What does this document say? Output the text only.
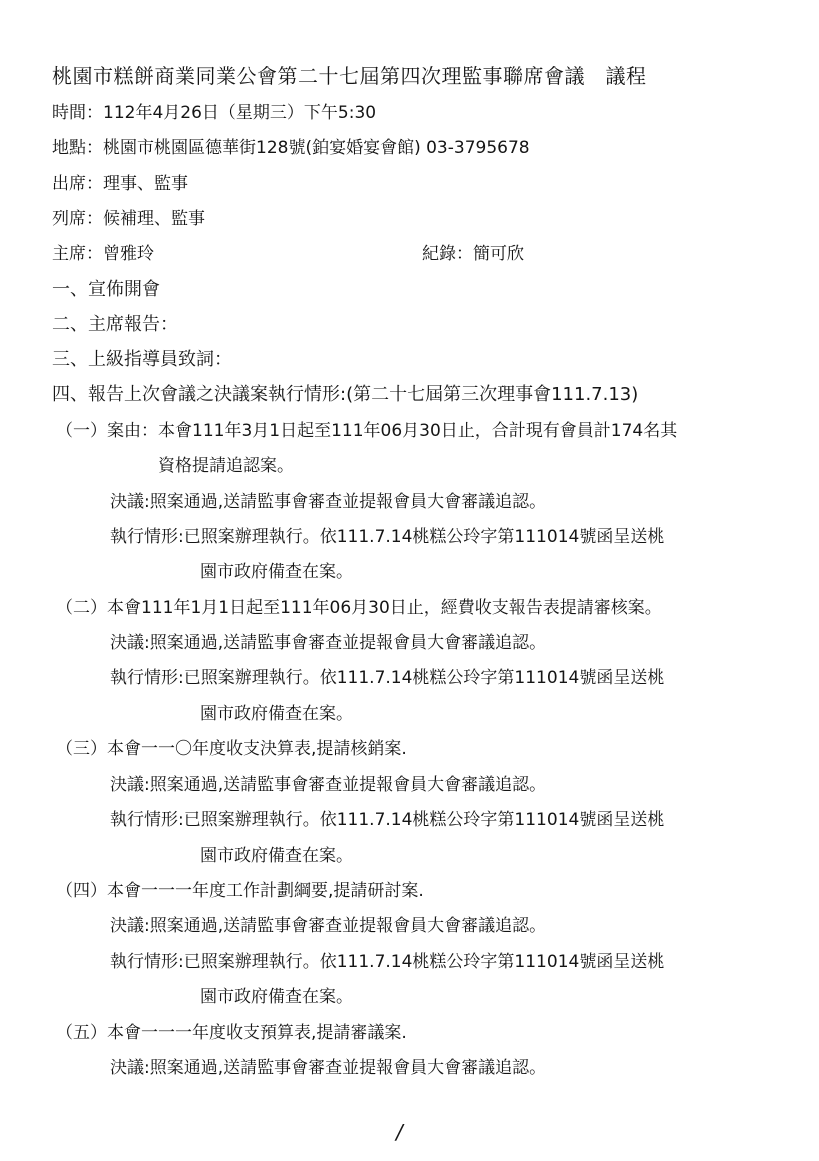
桃園市糕餅商業同業公會第二十七屆第四次理監事聯席會議　議程
時間：112年4月26日（星期三）下午5:30
地點：桃園市桃園區德華街128號(鉑宴婚宴會館) 03-3795678
出席：理事、監事
列席：候補理、監事
主席：曾雅玲	紀錄：簡可欣
一、宣佈開會
二、主席報告：
三、上級指導員致詞：
四、報告上次會議之決議案執行情形:(第二十七屆第三次理事會111.7.13)
（一）案由：本會111年3月1日起至111年06月30日止，合計現有會員計174名其
資格提請追認案。
決議:照案通過,送請監事會審查並提報會員大會審議追認。
執行情形:已照案辦理執行。依111.7.14桃糕公玲字第111014號函呈送桃
園市政府備查在案。
（二）本會111年1月1日起至111年06月30日止，經費收支報告表提請審核案。
決議:照案通過,送請監事會審查並提報會員大會審議追認。
執行情形:已照案辦理執行。依111.7.14桃糕公玲字第111014號函呈送桃
園市政府備查在案。
（三）本會一一〇年度收支決算表,提請核銷案.
決議:照案通過,送請監事會審查並提報會員大會審議追認。
執行情形:已照案辦理執行。依111.7.14桃糕公玲字第111014號函呈送桃
園市政府備查在案。
（四）本會一一一年度工作計劃綱要,提請研討案.
決議:照案通過,送請監事會審查並提報會員大會審議追認。
執行情形:已照案辦理執行。依111.7.14桃糕公玲字第111014號函呈送桃
園市政府備查在案。
（五）本會一一一年度收支預算表,提請審議案.
決議:照案通過,送請監事會審查並提報會員大會審議追認。
/
